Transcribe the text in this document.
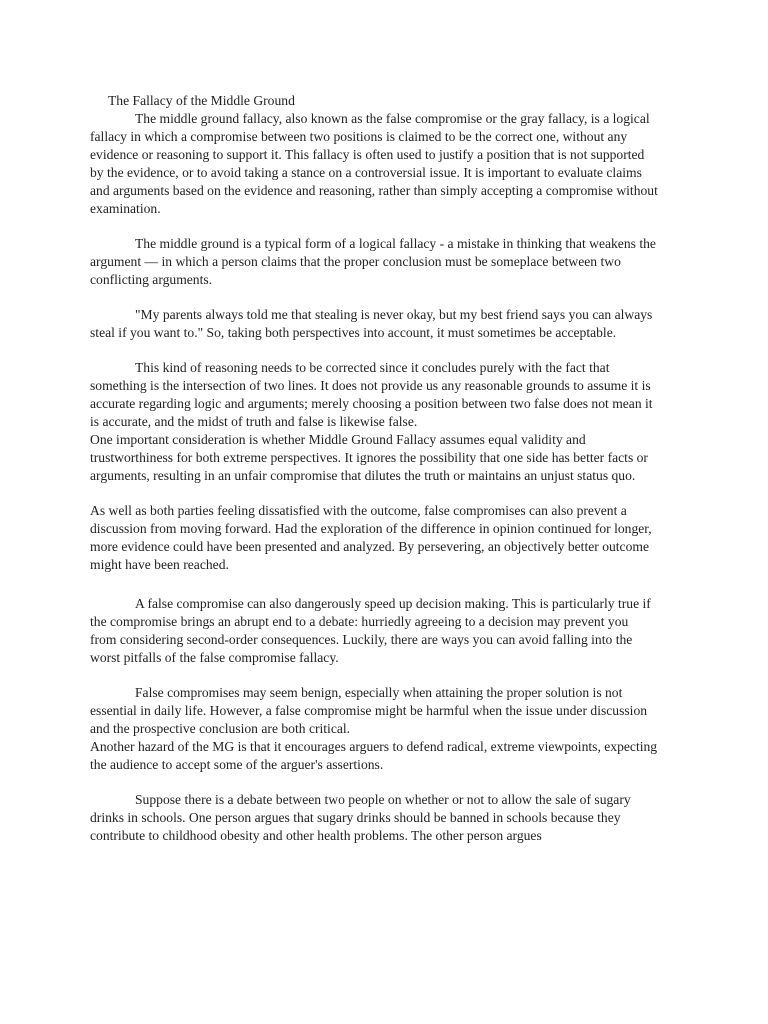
The Fallacy of the Middle Ground

The middle ground fallacy, also known as the false compromise or the gray fallacy, is a logical fallacy in which a compromise between two positions is claimed to be the correct one, without any evidence or reasoning to support it. This fallacy is often used to justify a position that is not supported by the evidence, or to avoid taking a stance on a controversial issue. It is important to evaluate claims and arguments based on the evidence and reasoning, rather than simply accepting a compromise without examination.

The middle ground is a typical form of a logical fallacy - a mistake in thinking that weakens the argument — in which a person claims that the proper conclusion must be someplace between two conflicting arguments.

"My parents always told me that stealing is never okay, but my best friend says you can always steal if you want to." So, taking both perspectives into account, it must sometimes be acceptable.

This kind of reasoning needs to be corrected since it concludes purely with the fact that something is the intersection of two lines. It does not provide us any reasonable grounds to assume it is accurate regarding logic and arguments; merely choosing a position between two false does not mean it is accurate, and the midst of truth and false is likewise false.

One important consideration is whether Middle Ground Fallacy assumes equal validity and trustworthiness for both extreme perspectives. It ignores the possibility that one side has better facts or arguments, resulting in an unfair compromise that dilutes the truth or maintains an unjust status quo.

As well as both parties feeling dissatisfied with the outcome, false compromises can also prevent a discussion from moving forward. Had the exploration of the difference in opinion continued for longer, more evidence could have been presented and analyzed. By persevering, an objectively better outcome might have been reached.

A false compromise can also dangerously speed up decision making. This is particularly true if the compromise brings an abrupt end to a debate: hurriedly agreeing to a decision may prevent you from considering second-order consequences. Luckily, there are ways you can avoid falling into the worst pitfalls of the false compromise fallacy.

False compromises may seem benign, especially when attaining the proper solution is not essential in daily life. However, a false compromise might be harmful when the issue under discussion and the prospective conclusion are both critical.

Another hazard of the MG is that it encourages arguers to defend radical, extreme viewpoints, expecting the audience to accept some of the arguer's assertions.

Suppose there is a debate between two people on whether or not to allow the sale of sugary drinks in schools. One person argues that sugary drinks should be banned in schools because they contribute to childhood obesity and other health problems. The other person argues
